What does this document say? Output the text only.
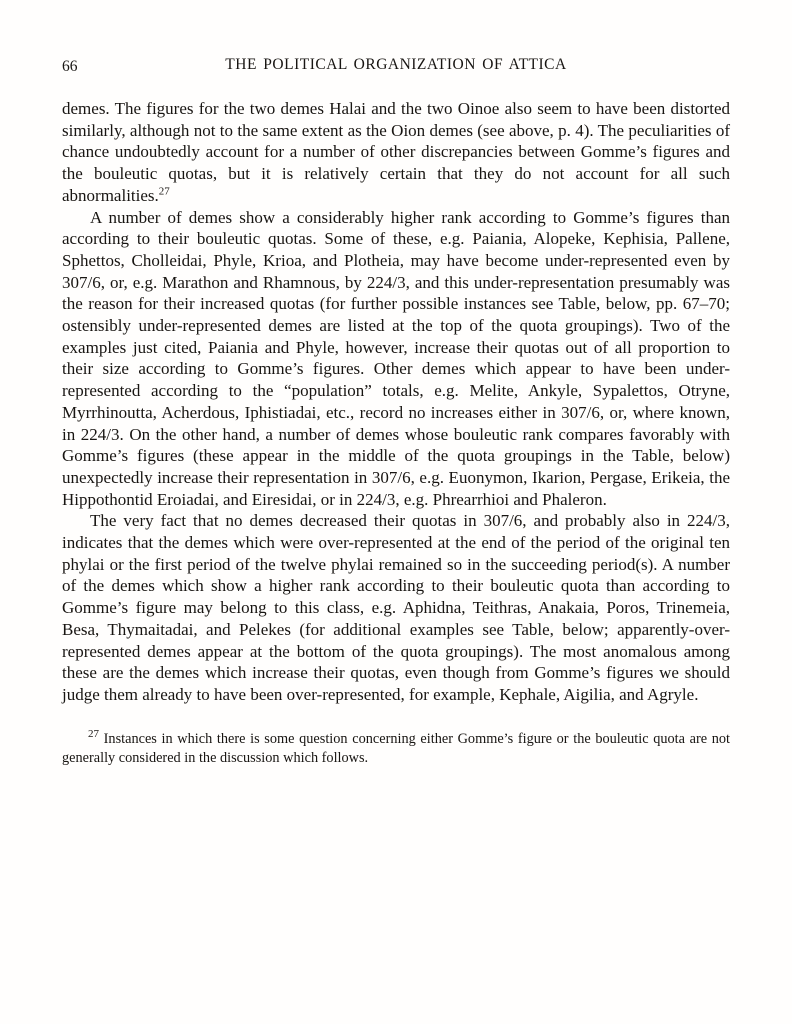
66	THE POLITICAL ORGANIZATION OF ATTICA

demes. The figures for the two demes Halai and the two Oinoe also seem to have been distorted similarly, although not to the same extent as the Oion demes (see above, p. 4). The peculiarities of chance undoubtedly account for a number of other discrepancies between Gomme’s figures and the bouleutic quotas, but it is relatively certain that they do not account for all such abnormalities.$^{27}$

A number of demes show a considerably higher rank according to Gomme’s figures than according to their bouleutic quotas. Some of these, e.g. Paiania, Alopeke, Kephisia, Pallene, Sphettos, Cholleidai, Phyle, Krioa, and Plotheia, may have become under-represented even by 307/6, or, e.g. Marathon and Rhamnous, by 224/3, and this under-representation presumably was the reason for their increased quotas (for further possible instances see Table, below, pp. 67–70; ostensibly under-represented demes are listed at the top of the quota groupings). Two of the examples just cited, Paiania and Phyle, however, increase their quotas out of all proportion to their size according to Gomme’s figures. Other demes which appear to have been under-represented according to the “population” totals, e.g. Melite, Ankyle, Sypalettos, Otryne, Myrrhinoutta, Acherdous, Iphistiadai, etc., record no increases either in 307/6, or, where known, in 224/3. On the other hand, a number of demes whose bouleutic rank compares favorably with Gomme’s figures (these appear in the middle of the quota groupings in the Table, below) unexpectedly increase their representation in 307/6, e.g. Euonymon, Ikarion, Pergase, Erikeia, the Hippothontid Eroiadai, and Eiresidai, or in 224/3, e.g. Phrearrhioi and Phaleron.

The very fact that no demes decreased their quotas in 307/6, and probably also in 224/3, indicates that the demes which were over-represented at the end of the period of the original ten phylai or the first period of the twelve phylai remained so in the succeeding period(s). A number of the demes which show a higher rank according to their bouleutic quota than according to Gomme’s figure may belong to this class, e.g. Aphidna, Teithras, Anakaia, Poros, Trinemeia, Besa, Thymaitadai, and Pelekes (for additional examples see Table, below; apparently-over-represented demes appear at the bottom of the quota groupings). The most anomalous among these are the demes which increase their quotas, even though from Gomme’s figures we should judge them already to have been over-represented, for example, Kephale, Aigilia, and Agryle.

$^{27}$ Instances in which there is some question concerning either Gomme’s figure or the bouleutic quota are not generally considered in the discussion which follows.
